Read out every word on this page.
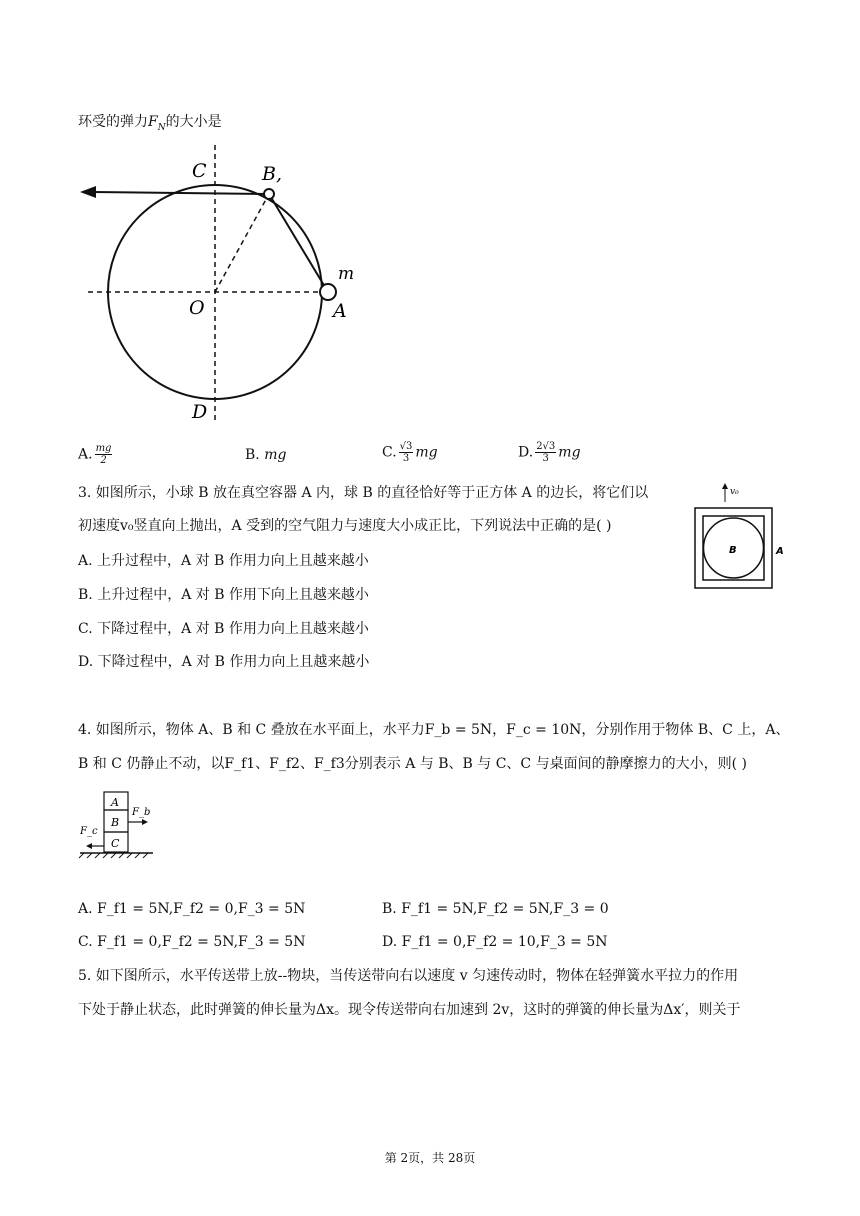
环受的弹力$F_N$的大小是
C	B,
m
O	A
D
A. $\frac{mg}{2}$	B. mg	C. $\frac{√3}{3}$ mg	D. $\frac{2√3}{3}$ mg
3. 如图所示，小球 B 放在真空容器 A 内，球 B 的直径恰好等于正方体 A 的边长，将它们以
初速度v₀竖直向上抛出，A 受到的空气阻力与速度大小成正比，下列说法中正确的是( )
A. 上升过程中，A 对 B 作用力向上且越来越小
B. 上升过程中，A 对 B 作用下向上且越来越小
C. 下降过程中，A 对 B 作用力向上且越来越小
D. 下降过程中，A 对 B 作用力向上且越来越小
v₀
B	A
4. 如图所示，物体 A、B 和 C 叠放在水平面上，水平力F_b = 5N，F_c = 10N，分别作用于物体 B、C 上，A、
B 和 C 仍静止不动，以F_f1、F_f2、F_f3分别表示 A 与 B、B 与 C、C 与桌面间的静摩擦力的大小，则( )
A
B
C
F_b
F_c
A. F_f1 = 5N,F_f2 = 0,F_3 = 5N	B. F_f1 = 5N,F_f2 = 5N,F_3 = 0
C. F_f1 = 0,F_f2 = 5N,F_3 = 5N	D. F_f1 = 0,F_f2 = 10,F_3 = 5N
5. 如下图所示，水平传送带上放--物块，当传送带向右以速度 v 匀速传动时，物体在轻弹簧水平拉力的作用
下处于静止状态，此时弹簧的伸长量为Δx。现令传送带向右加速到 2v，这时的弹簧的伸长量为Δx′，则关于
第 2页，共 28页
